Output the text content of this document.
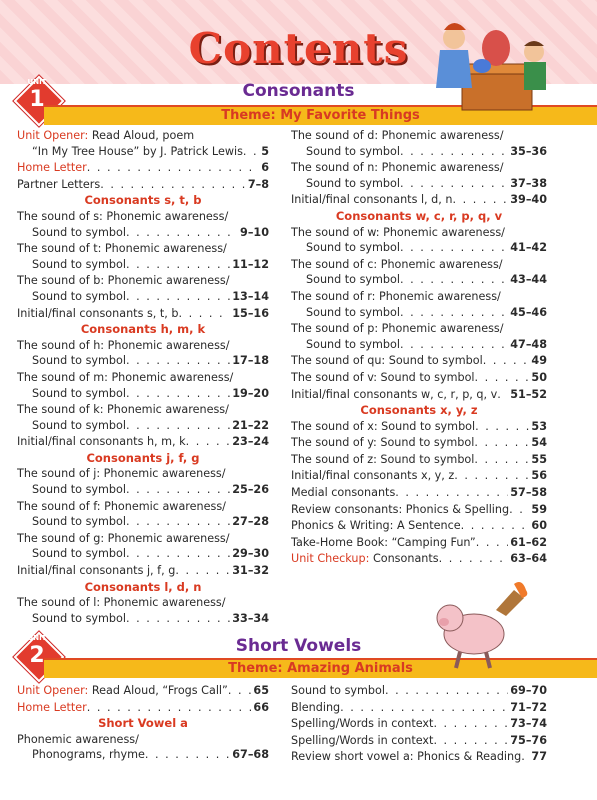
Contents
UNIT
1	Consonants
Theme: My Favorite Things
Unit Opener: Read Aloud, poem
“In My Tree House” by J. Patrick Lewis . . . 5
Home Letter . . .	6
Partner Letters . . .	7–8
Consonants s, t, b
The sound of s: Phonemic awareness/
Sound to symbol . . .	9–10
The sound of t: Phonemic awareness/
Sound to symbol . . .	11–12
The sound of b: Phonemic awareness/
Sound to symbol . . .	13–14
Initial/final consonants s, t, b . . .	15–16
Consonants h, m, k
The sound of h: Phonemic awareness/
Sound to symbol . . .	17–18
The sound of m: Phonemic awareness/
Sound to symbol . . .	19–20
The sound of k: Phonemic awareness/
Sound to symbol . . .	21–22
Initial/final consonants h, m, k . . .	23–24
Consonants j, f, g
The sound of j: Phonemic awareness/
Sound to symbol . . .	25–26
The sound of f: Phonemic awareness/
Sound to symbol . . .	27–28
The sound of g: Phonemic awareness/
Sound to symbol . . .	29–30
Initial/final consonants j, f, g . . .	31–32
Consonants l, d, n
The sound of l: Phonemic awareness/
Sound to symbol . . .	33–34
The sound of d: Phonemic awareness/
Sound to symbol . . .	35–36
The sound of n: Phonemic awareness/
Sound to symbol . . .	37–38
Initial/final consonants l, d, n . . .	39–40
Consonants w, c, r, p, q, v
The sound of w: Phonemic awareness/
Sound to symbol . . .	41–42
The sound of c: Phonemic awareness/
Sound to symbol . . .	43–44
The sound of r: Phonemic awareness/
Sound to symbol . . .	45–46
The sound of p: Phonemic awareness/
Sound to symbol . . .	47–48
The sound of qu: Sound to symbol . . .	49
The sound of v: Sound to symbol . . .	50
Initial/final consonants w, c, r, p, q, v . . . 51–52
Consonants x, y, z
The sound of x: Sound to symbol . . .	53
The sound of y: Sound to symbol . . .	54
The sound of z: Sound to symbol . . .	55
Initial/final consonants x, y, z . . .	56
Medial consonants . . .	57–58
Review consonants: Phonics & Spelling . . . 59
Phonics & Writing: A Sentence . . .	60
Take-Home Book: “Camping Fun” . . .	61–62
Unit Checkup: Consonants . . .	63–64
UNIT
2	Short Vowels
Theme: Amazing Animals
Unit Opener: Read Aloud, “Frogs Call” . . . 65
Home Letter . . .	66
Short Vowel a
Phonemic awareness/
Phonograms, rhyme . . .	67–68
Sound to symbol . . .	69–70
Blending . . .	71–72
Spelling/Words in context . . .	73–74
Spelling/Words in context . . .	75–76
Review short vowel a: Phonics & Reading . . . 77
